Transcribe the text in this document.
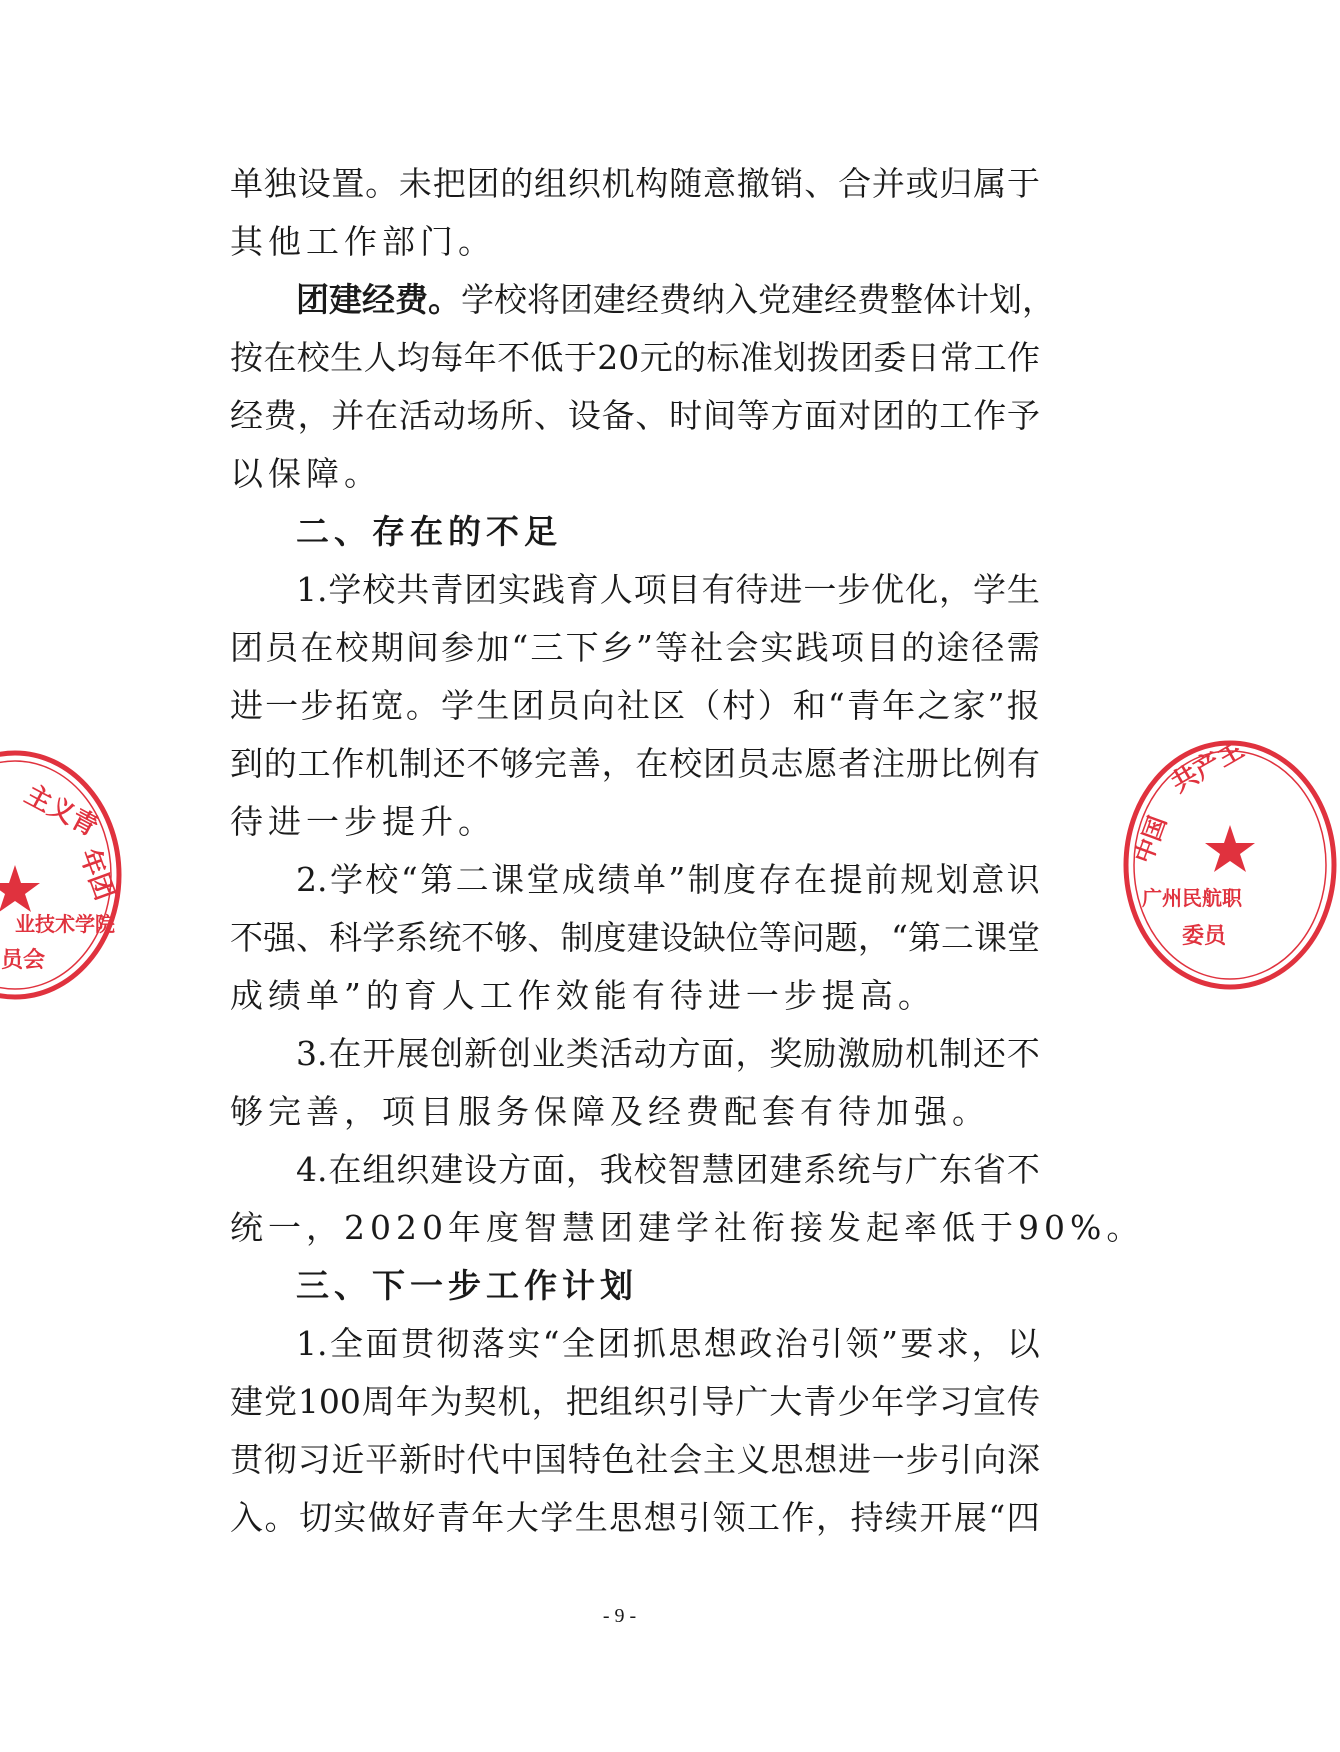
单 独 设 置 。 未 把 团 的 组 织 机 构 随 意 撤 销 、 合 并 或 归 属 于
其 他 工 作 部 门 。
团 建 经 费 。 学 校 将 团 建 经 费 纳 入 党 建 经 费 整 体 计 划 ，
按 在 校 生 人 均 每 年 不 低 于 20 元 的 标 准 划 拨 团 委 日 常 工 作
经 费 ， 并 在 活 动 场 所 、 设 备 、 时 间 等 方 面 对 团 的 工 作 予
以 保 障 。
二 、 存 在 的 不 足
1. 学 校 共 青 团 实 践 育 人 项 目 有 待 进 一 步 优 化 ， 学 生
团 员 在 校 期 间 参 加 “ 三 下 乡 ” 等 社 会 实 践 项 目 的 途 径 需
进 一 步 拓 宽 。 学 生 团 员 向 社 区 （ 村 ） 和 “ 青 年 之 家 ” 报
到 的 工 作 机 制 还 不 够 完 善 ， 在 校 团 员 志 愿 者 注 册 比 例 有
待 进 一 步 提 升 。
2. 学 校 “ 第 二 课 堂 成 绩 单 ” 制 度 存 在 提 前 规 划 意 识
不 强 、 科 学 系 统 不 够 、 制 度 建 设 缺 位 等 问 题 ， “ 第 二 课 堂
成 绩 单 ” 的 育 人 工 作 效 能 有 待 进 一 步 提 高 。
3. 在 开 展 创 新 创 业 类 活 动 方 面 ， 奖 励 激 励 机 制 还 不
够 完 善 ， 项 目 服 务 保 障 及 经 费 配 套 有 待 加 强 。
4. 在 组 织 建 设 方 面 ， 我 校 智 慧 团 建 系 统 与 广 东 省 不
统 一 ， 2020 年 度 智 慧 团 建 学 社 衔 接 发 起 率 低 于 90% 。
三 、 下 一 步 工 作 计 划
1. 全 面 贯 彻 落 实 “ 全 团 抓 思 想 政 治 引 领 ” 要 求 ， 以
建 党 100 周 年 为 契 机 ， 把 组 织 引 导 广 大 青 少 年 学 习 宣 传
贯 彻 习 近 平 新 时 代 中 国 特 色 社 会 主 义 思 想 进 一 步 引 向 深
入 。 切 实 做 好 青 年 大 学 生 思 想 引 领 工 作 ， 持 续 开 展 “ 四
- 9 -
主义青
年团
业技术学院
员会
中国
共产主
广州民航职
委员
